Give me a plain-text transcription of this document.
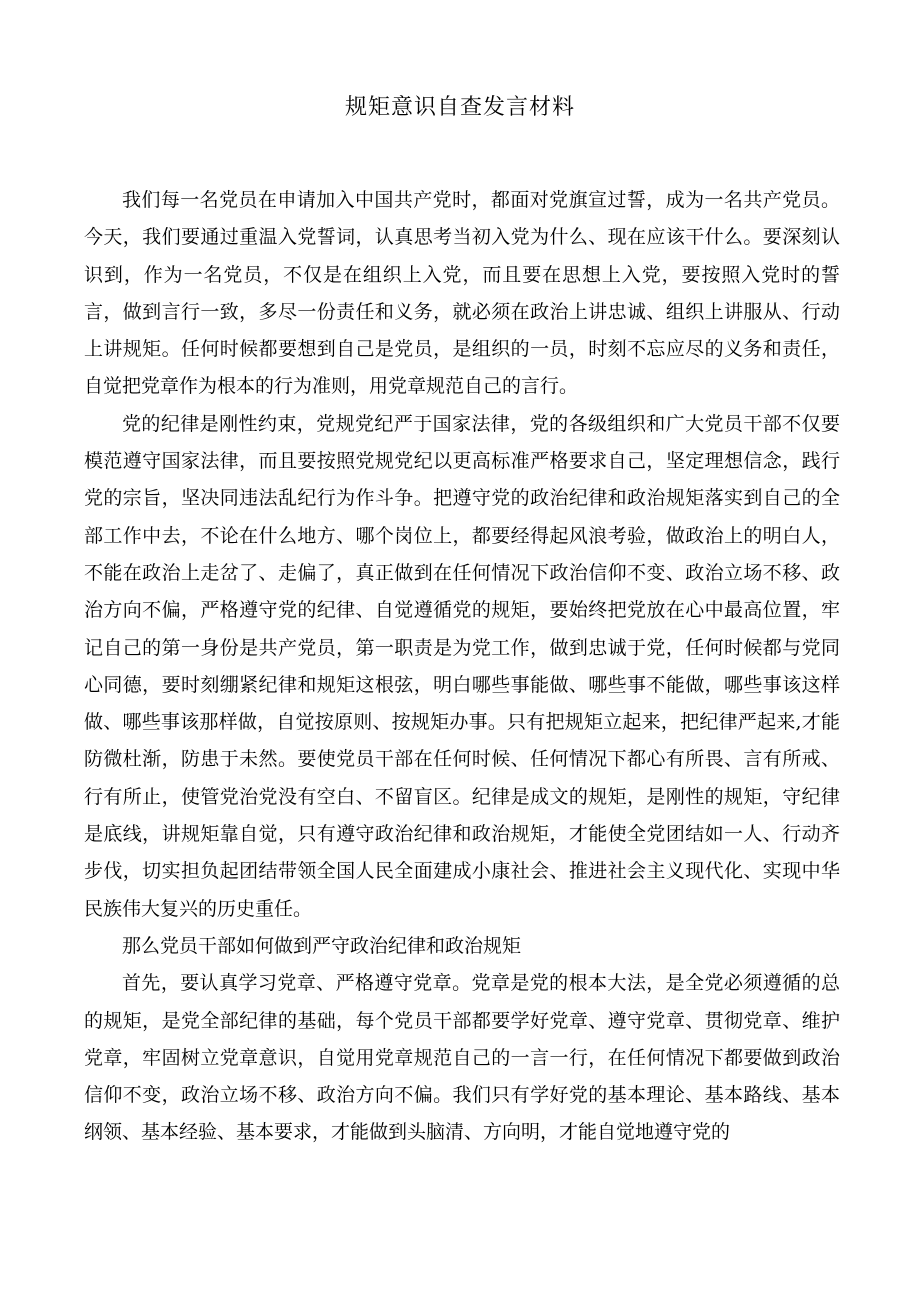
规矩意识自查发言材料

我们每一名党员在申请加入中国共产党时，都面对党旗宣过誓，成为一名共产党员。今天，我们要通过重温入党誓词，认真思考当初入党为什么、现在应该干什么。要深刻认识到，作为一名党员，不仅是在组织上入党，而且要在思想上入党，要按照入党时的誓言，做到言行一致，多尽一份责任和义务，就必须在政治上讲忠诚、组织上讲服从、行动上讲规矩。任何时候都要想到自己是党员，是组织的一员，时刻不忘应尽的义务和责任，自觉把党章作为根本的行为准则，用党章规范自己的言行。

党的纪律是刚性约束，党规党纪严于国家法律，党的各级组织和广大党员干部不仅要模范遵守国家法律，而且要按照党规党纪以更高标准严格要求自己，坚定理想信念，践行党的宗旨，坚决同违法乱纪行为作斗争。把遵守党的政治纪律和政治规矩落实到自己的全部工作中去，不论在什么地方、哪个岗位上，都要经得起风浪考验，做政治上的明白人，不能在政治上走岔了、走偏了，真正做到在任何情况下政治信仰不变、政治立场不移、政治方向不偏，严格遵守党的纪律、自觉遵循党的规矩，要始终把党放在心中最高位置，牢记自己的第一身份是共产党员，第一职责是为党工作，做到忠诚于党，任何时候都与党同心同德，要时刻绷紧纪律和规矩这根弦，明白哪些事能做、哪些事不能做，哪些事该这样做、哪些事该那样做，自觉按原则、按规矩办事。只有把规矩立起来，把纪律严起来,才能防微杜渐，防患于未然。要使党员干部在任何时候、任何情况下都心有所畏、言有所戒、行有所止，使管党治党没有空白、不留盲区。纪律是成文的规矩，是刚性的规矩，守纪律是底线，讲规矩靠自觉，只有遵守政治纪律和政治规矩，才能使全党团结如一人、行动齐步伐，切实担负起团结带领全国人民全面建成小康社会、推进社会主义现代化、实现中华民族伟大复兴的历史重任。

那么党员干部如何做到严守政治纪律和政治规矩

首先，要认真学习党章、严格遵守党章。党章是党的根本大法，是全党必须遵循的总的规矩，是党全部纪律的基础，每个党员干部都要学好党章、遵守党章、贯彻党章、维护党章，牢固树立党章意识，自觉用党章规范自己的一言一行，在任何情况下都要做到政治信仰不变，政治立场不移、政治方向不偏。我们只有学好党的基本理论、基本路线、基本纲领、基本经验、基本要求，才能做到头脑清、方向明，才能自觉地遵守党的
